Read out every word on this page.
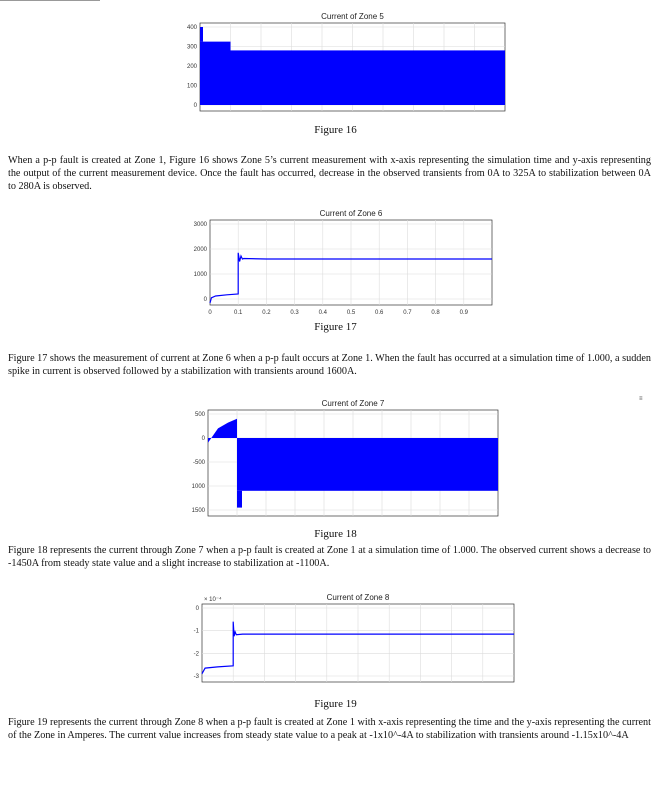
≡
Current of Zone 5
400
300
200
100
0
Figure 16
When a p-p fault is created at Zone 1, Figure 16 shows Zone 5’s current measurement with x-axis representing the simulation time and y-axis representing the output of the current measurement device. Once the fault has occurred, decrease in the observed transients from 0A to 325A to stabilization between 0A to 280A is observed.
Current of Zone 6
3000
2000
1000
0
0	0.1	0.2	0.3	0.4	0.5	0.6	0.7	0.8	0.9
Figure 17
Figure 17 shows the measurement of current at Zone 6 when a p-p fault occurs at Zone 1. When the fault has occurred at a simulation time of 1.000, a sudden spike in current is observed followed by a stabilization with transients around 1600A.
Current of Zone 7
500
0
-500
1000
1500
Figure 18
Figure 18 represents the current through Zone 7 when a p-p fault is created at Zone 1 at a simulation time of 1.000. The observed current shows a decrease to -1450A from steady state value and a slight increase to stabilization at -1100A.
Current of Zone 8
0
-1
-2
-3
× 10⁻⁴
Figure 19
Figure 19 represents the current through Zone 8 when a p-p fault is created at Zone 1 with x-axis representing the time and the y-axis representing the current of the Zone in Amperes. The current value increases from steady state value to a peak at -1x10^-4A to stabilization with transients around -1.15x10^-4A
